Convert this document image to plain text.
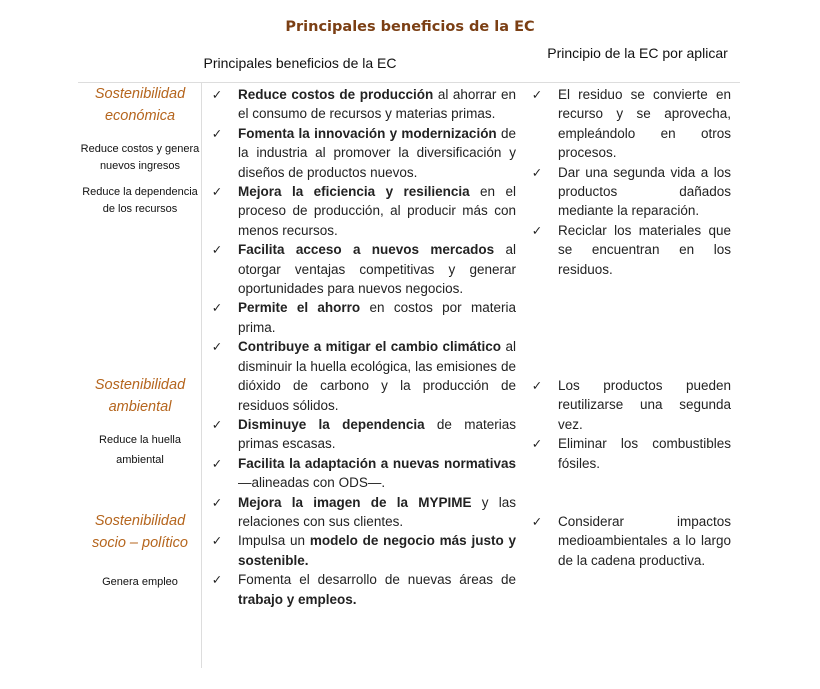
Principales beneficios de la EC
Principales beneficios de la EC
Principio de la EC por aplicar
Sostenibilidad económica
Reduce costos y genera nuevos ingresos
Reduce la dependencia de los recursos
Sostenibilidad ambiental
Reduce la huella ambiental
Sostenibilidad socio – político
Genera empleo
✓ Reduce costos de producción al ahorrar en el consumo de recursos y materias primas.
✓ Fomenta la innovación y modernización de la industria al promover la diversificación y diseños de productos nuevos.
✓ Mejora la eficiencia y resiliencia en el proceso de producción, al producir más con menos recursos.
✓ Facilita acceso a nuevos mercados al otorgar ventajas competitivas y generar oportunidades para nuevos negocios.
✓ Permite el ahorro en costos por materia prima.
✓ Contribuye a mitigar el cambio climático al disminuir la huella ecológica, las emisiones de dióxido de carbono y la producción de residuos sólidos.
✓ Disminuye la dependencia de materias primas escasas.
✓ Facilita la adaptación a nuevas normativas —alineadas con ODS—.
✓ Mejora la imagen de la MYPIME y las relaciones con sus clientes.
✓ Impulsa un modelo de negocio más justo y sostenible.
✓ Fomenta el desarrollo de nuevas áreas de trabajo y empleos.
✓ El residuo se convierte en recurso y se aprovecha, empleándolo en otros procesos.
✓ Dar una segunda vida a los productos dañados mediante la reparación.
✓ Reciclar los materiales que se encuentran en los residuos.
✓ Los productos pueden reutilizarse una segunda vez.
✓ Eliminar los combustibles fósiles.
✓ Considerar impactos medioambientales a lo largo de la cadena productiva.
